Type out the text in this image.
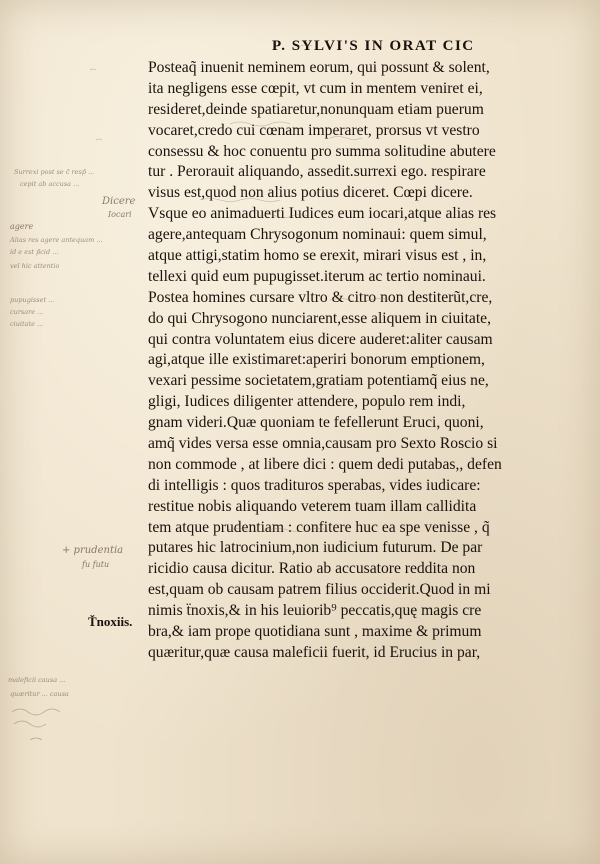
P. SYLVI'S IN ORAT CIC
Posteaq̃ inuenit neminem eorum, qui possunt & solent,
ita negligens esse cœpit, vt cum in mentem veniret ei,
resideret,deinde spatiaretur,nonunquam etiam puerum
vocaret,credo cui cœnam imperaret, prorsus vt vestro
consessu & hoc conuentu pro summa solitudine abutere
tur . Perorauit aliquando, assedit.surrexi ego. respirare
visus est,quod non alius potius diceret. Cœpi dicere.
Vsque eo animaduerti Iudices eum iocari,atque alias res
agere,antequam Chrysogonum nominaui: quem simul,
atque attigi,statim homo se erexit, mirari visus est , in,
tellexi quid eum pupugisset.iterum ac tertio nominaui.
Postea homines cursare vltro & citro non destiterũt,cre,
do qui Chrysogono nunciarent,esse aliquem in ciuitate,
qui contra voluntatem eius dicere auderet:aliter causam
agi,atque ille existimaret:aperiri bonorum emptionem,
vexari pessime societatem,gratiam potentiamq̃ eius ne,
gligi, Iudices diligenter attendere, populo rem indi,
gnam videri.Quæ quoniam te fefellerunt Eruci, quoni,
amq̃ vides versa esse omnia,causam pro Sexto Roscio si
non commode , at libere dici : quem dedi putabas,, defen
di intelligis : quos tradituros sperabas, vides iudicare:
restitue nobis aliquando veterem tuam illam callidita
tem atque prudentiam : confitere huc ea spe venisse , q̃
putares hic latrocinium,non iudicium futurum. De par
ricidio causa dicitur. Ratio ab accusatore reddita non
est,quam ob causam patrem filius occiderit.Quod in mi
nimis ẗnoxis,& in his leuiorib⁹ peccatis,quę magis cre
bra,& iam prope quotidiana sunt , maxime & primum
quæritur,quæ causa maleficii fuerit, id Erucius in par,
Surrexi post se c̃ resp̃ ...
cepit ab accusa ...
Dicere
Iocari
agere
Alias res agere antequam ...
id e est p̃cid ...
vel hic attentio
pupugisset ...
cursare ...
ciuitate ...
+ prudentia
fu futu
Ťnoxiis.
maleficii causa ...
quæritur ... causa
